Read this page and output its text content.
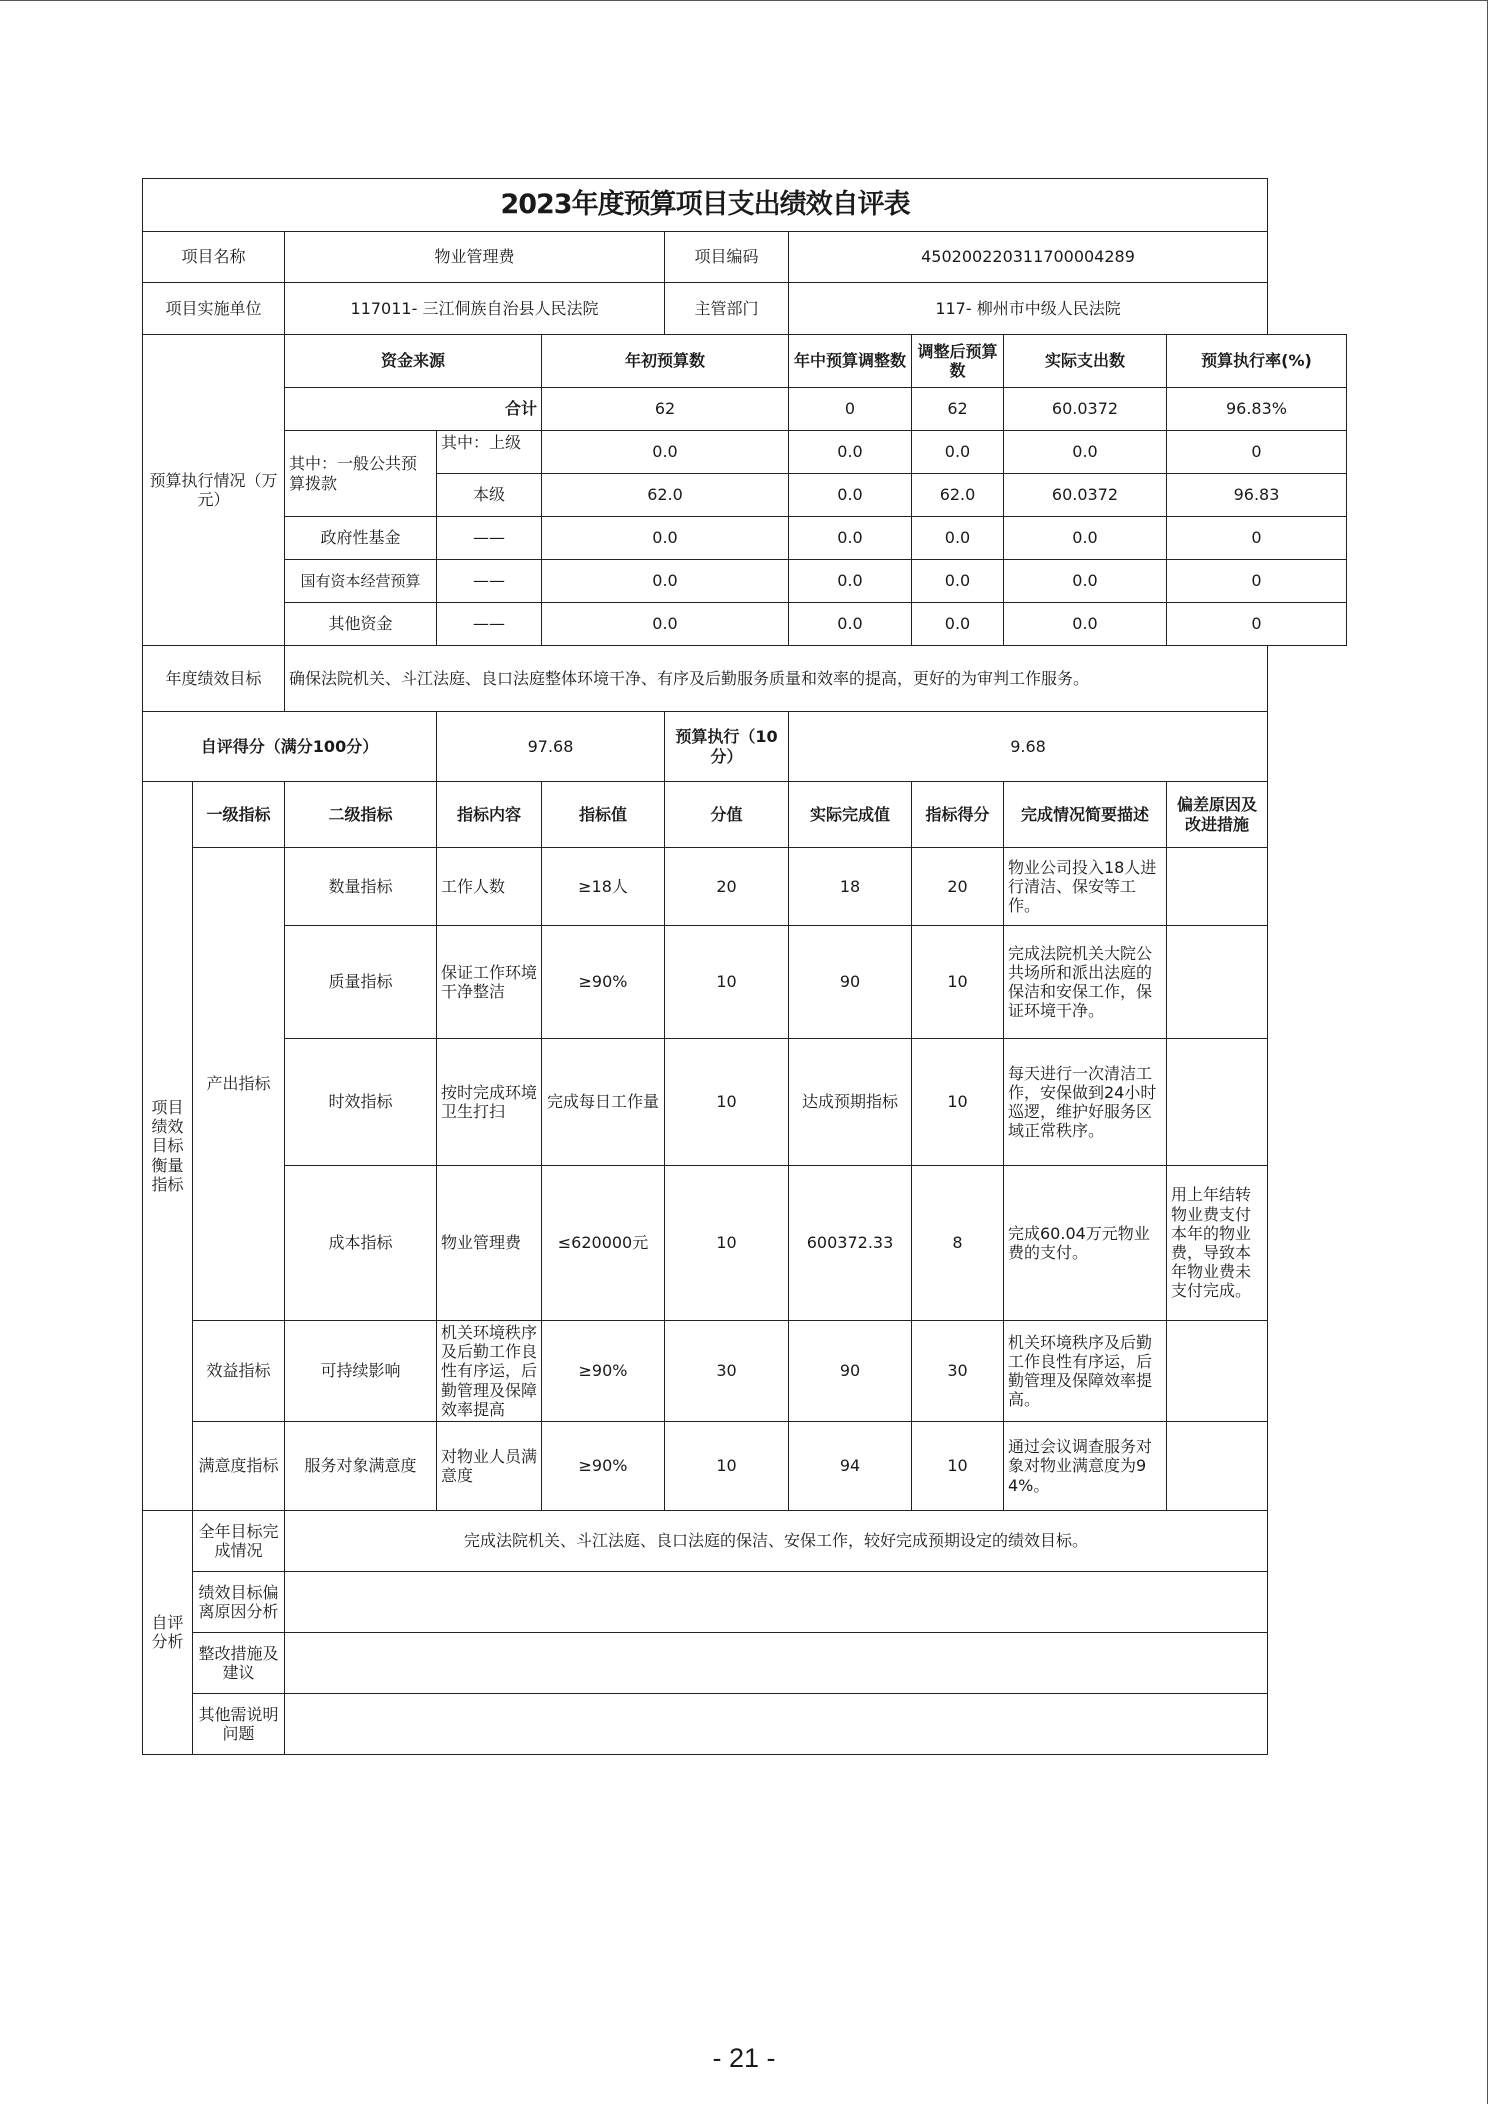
2023年度预算项目支出绩效自评表									
项目名称		物业管理费			项目编码	450200220311700004289			
项目实施单位		117011- 三江侗族自治县人民法院			主管部门	117- 柳州市中级人民法院			
预算执行情况（万元）		资金来源		年初预算数		年中预算调整数	调整后预算数	实际支出数	预算执行率(%)
		合计		62		0	62	60.0372	96.83%
		其中：一般公共预算拨款	其中：上级	0.0		0.0	0.0	0.0	0
			本级	62.0		0.0	62.0	60.0372	96.83
		政府性基金	——	0.0		0.0	0.0	0.0	0
		国有资本经营预算	——	0.0		0.0	0.0	0.0	0
		其他资金	——	0.0		0.0	0.0	0.0	0
年度绩效目标		确保法院机关、斗江法庭、良口法庭整体环境干净、有序及后勤服务质量和效率的提高，更好的为审判工作服务。							
自评得分（满分100分）			97.68		预算执行（10分）	9.68			
项目绩效目标衡量指标	一级指标	二级指标	指标内容	指标值	分值	实际完成值	指标得分	完成情况简要描述	偏差原因及改进措施
	产出指标	数量指标	工作人数	≥18人	20	18	20	物业公司投入18人进行清洁、保安等工作。	
		质量指标	保证工作环境干净整洁	≥90%	10	90	10	完成法院机关大院公共场所和派出法庭的保洁和安保工作，保证环境干净。	
		时效指标	按时完成环境卫生打扫	完成每日工作量	10	达成预期指标	10	每天进行一次清洁工作，安保做到24小时巡逻，维护好服务区域正常秩序。	
		成本指标	物业管理费	≤620000元	10	600372.33	8	完成60.04万元物业费的支付。	用上年结转物业费支付本年的物业费，导致本年物业费未支付完成。
	效益指标	可持续影响	机关环境秩序及后勤工作良性有序运，后勤管理及保障效率提高	≥90%	30	90	30	机关环境秩序及后勤工作良性有序运，后勤管理及保障效率提高。	
	满意度指标	服务对象满意度	对物业人员满意度	≥90%	10	94	10	通过会议调查服务对象对物业满意度为94%。	
自评分析	全年目标完成情况	完成法院机关、斗江法庭、良口法庭的保洁、安保工作，较好完成预期设定的绩效目标。							
	绩效目标偏离原因分析								
	整改措施及建议								
	其他需说明问题								
- 21 -
